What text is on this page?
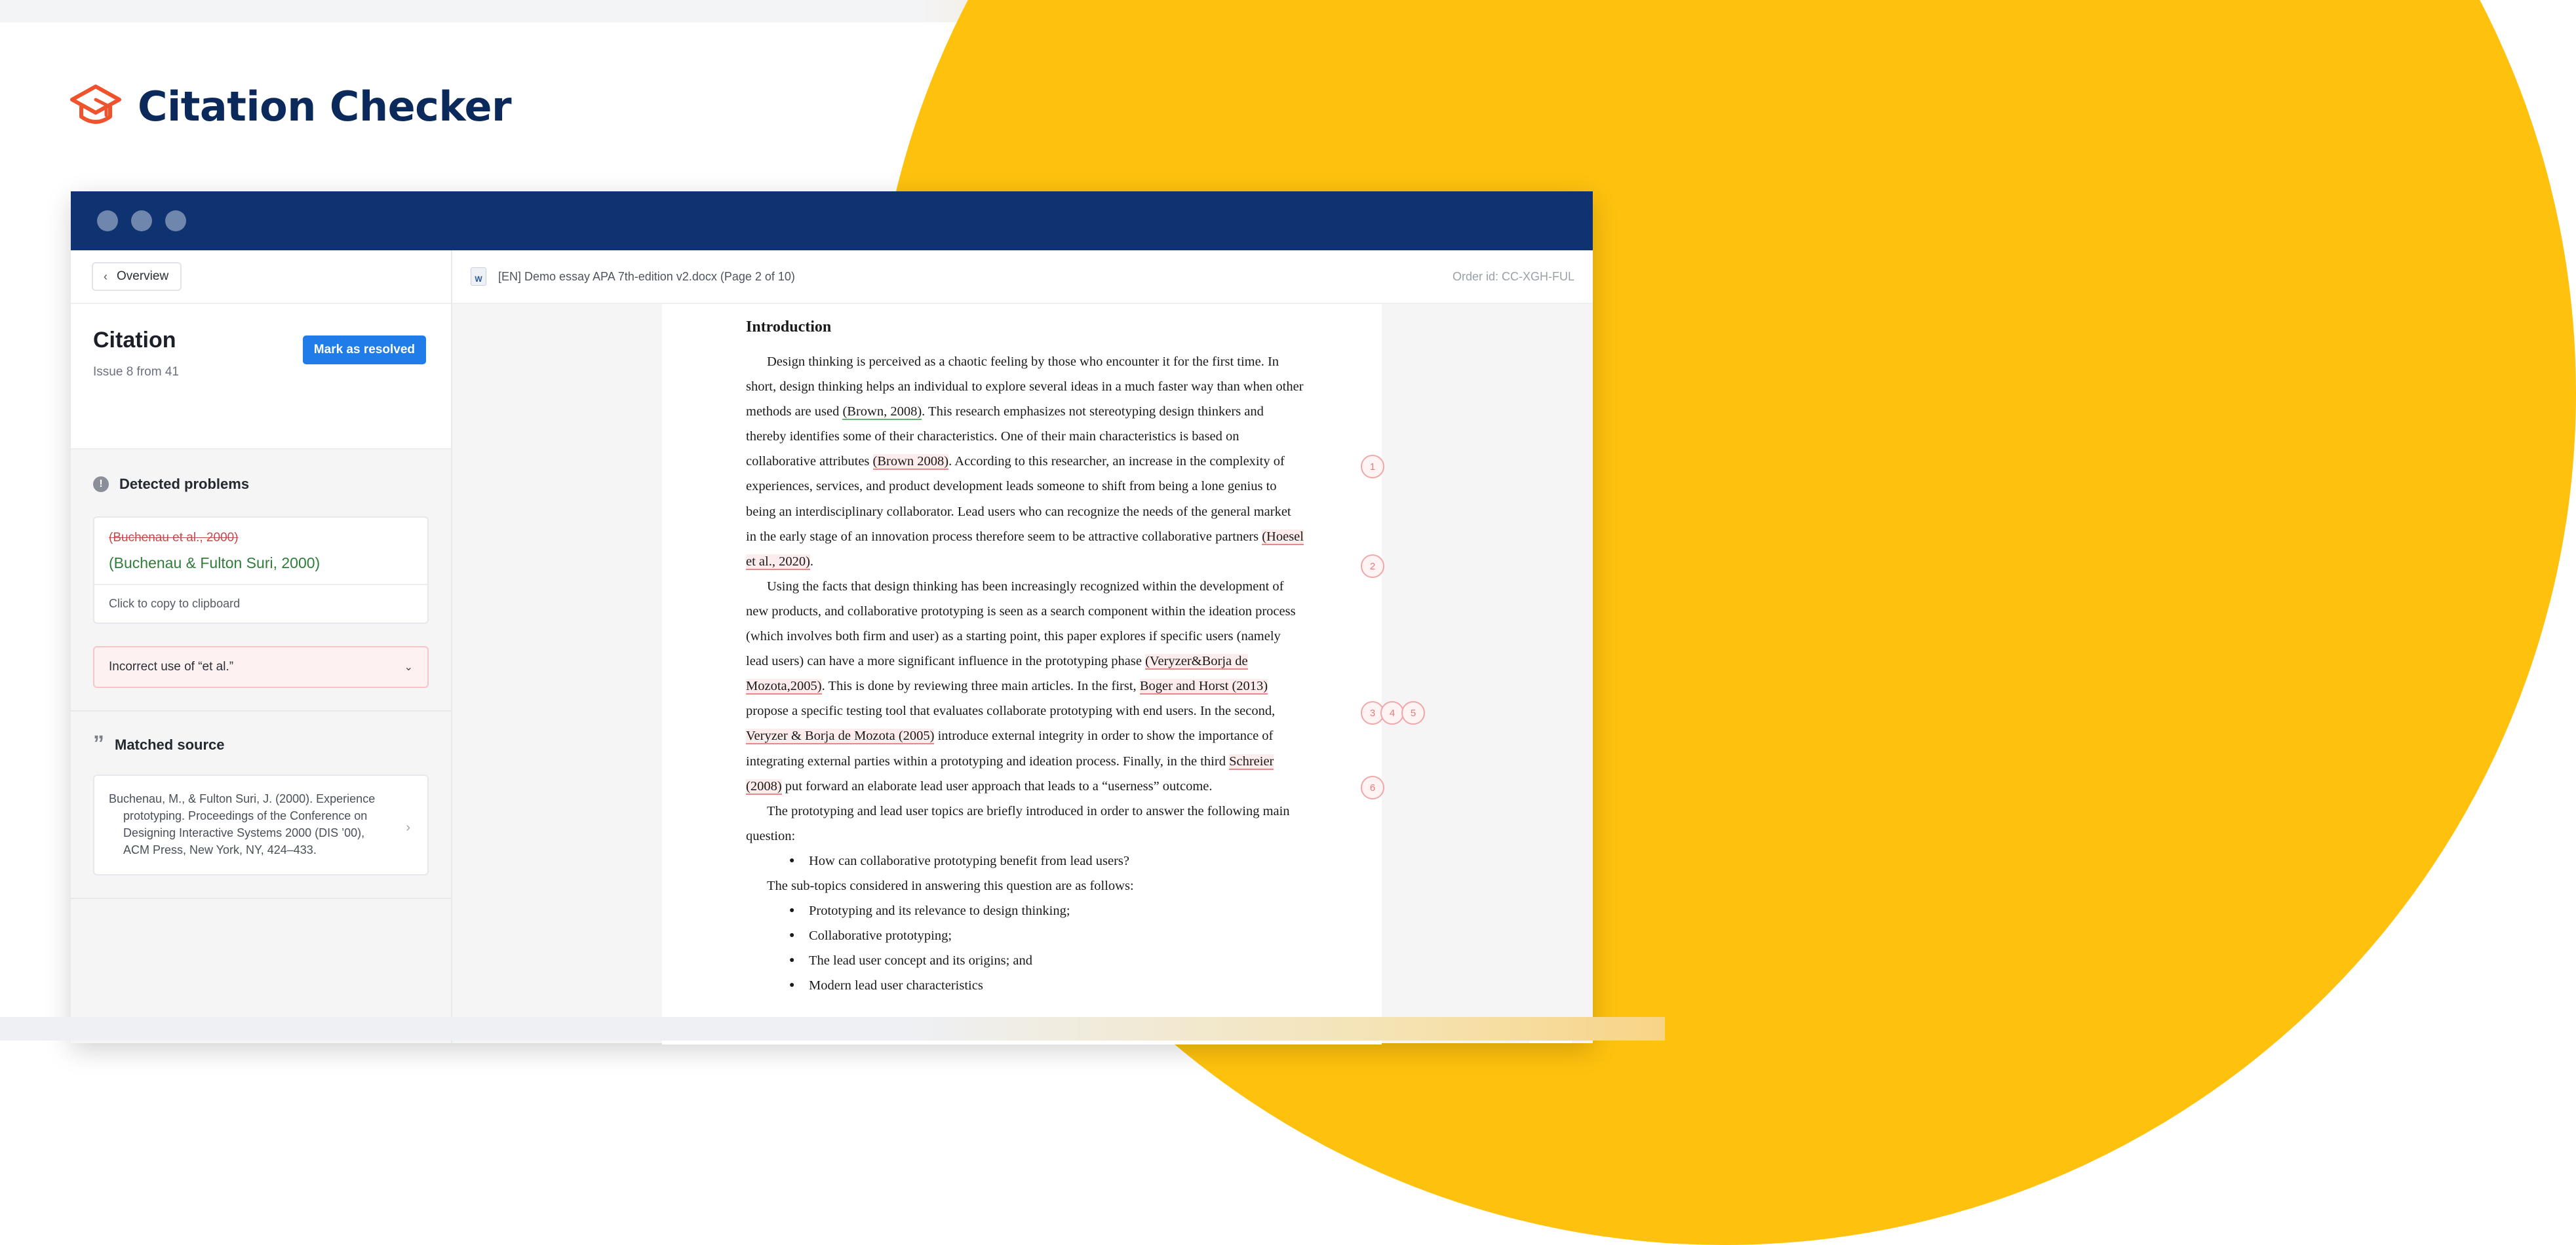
Citation Checker
‹ Overview
Citation
Issue 8 from 41
Mark as resolved
!	Detected problems
(Buchenau et al., 2000)
(Buchenau & Fulton Suri, 2000)
Click to copy to clipboard
Incorrect use of “et al.”	⌄
” Matched source
Buchenau, M., & Fulton Suri, J. (2000). Experience
prototyping. Proceedings of the Conference on Designing Interactive Systems 2000 (DIS ’00), ACM Press, New York, NY, 424–433.
›
W	[EN] Demo essay APA 7th-edition v2.docx (Page 2 of 10)	Order id: CC-XGH-FUL
Introduction

Design thinking is perceived as a chaotic feeling by those who encounter it for the first time. In short, design thinking helps an individual to explore several ideas in a much faster way than when other methods are used (Brown, 2008). This research emphasizes not stereotyping design thinkers and thereby identifies some of their characteristics. One of their main characteristics is based on collaborative attributes (Brown 2008). According to this researcher, an increase in the complexity of experiences, services, and product development leads someone to shift from being a lone genius to being an interdisciplinary collaborator. Lead users who can recognize the needs of the general market in the early stage of an innovation process therefore seem to be attractive collaborative partners (Hoesel et al., 2020).

Using the facts that design thinking has been increasingly recognized within the development of new products, and collaborative prototyping is seen as a search component within the ideation process (which involves both firm and user) as a starting point, this paper explores if specific users (namely lead users) can have a more significant influence in the prototyping phase (Veryzer&Borja de Mozota,2005). This is done by reviewing three main articles. In the first, Boger and Horst (2013) propose a specific testing tool that evaluates collaborate prototyping with end users. In the second, Veryzer & Borja de Mozota (2005) introduce external integrity in order to show the importance of integrating external parties within a prototyping and ideation process. Finally, in the third Schreier (2008) put forward an elaborate lead user approach that leads to a “userness” outcome.

The prototyping and lead user topics are briefly introduced in order to answer the following main question:

● How can collaborative prototyping benefit from lead users?
The sub-topics considered in answering this question are as follows:
● Prototyping and its relevance to design thinking;
● Collaborative prototyping;
● The lead user concept and its origins; and
● Modern lead user characteristics
1
2
3	4	5
6
